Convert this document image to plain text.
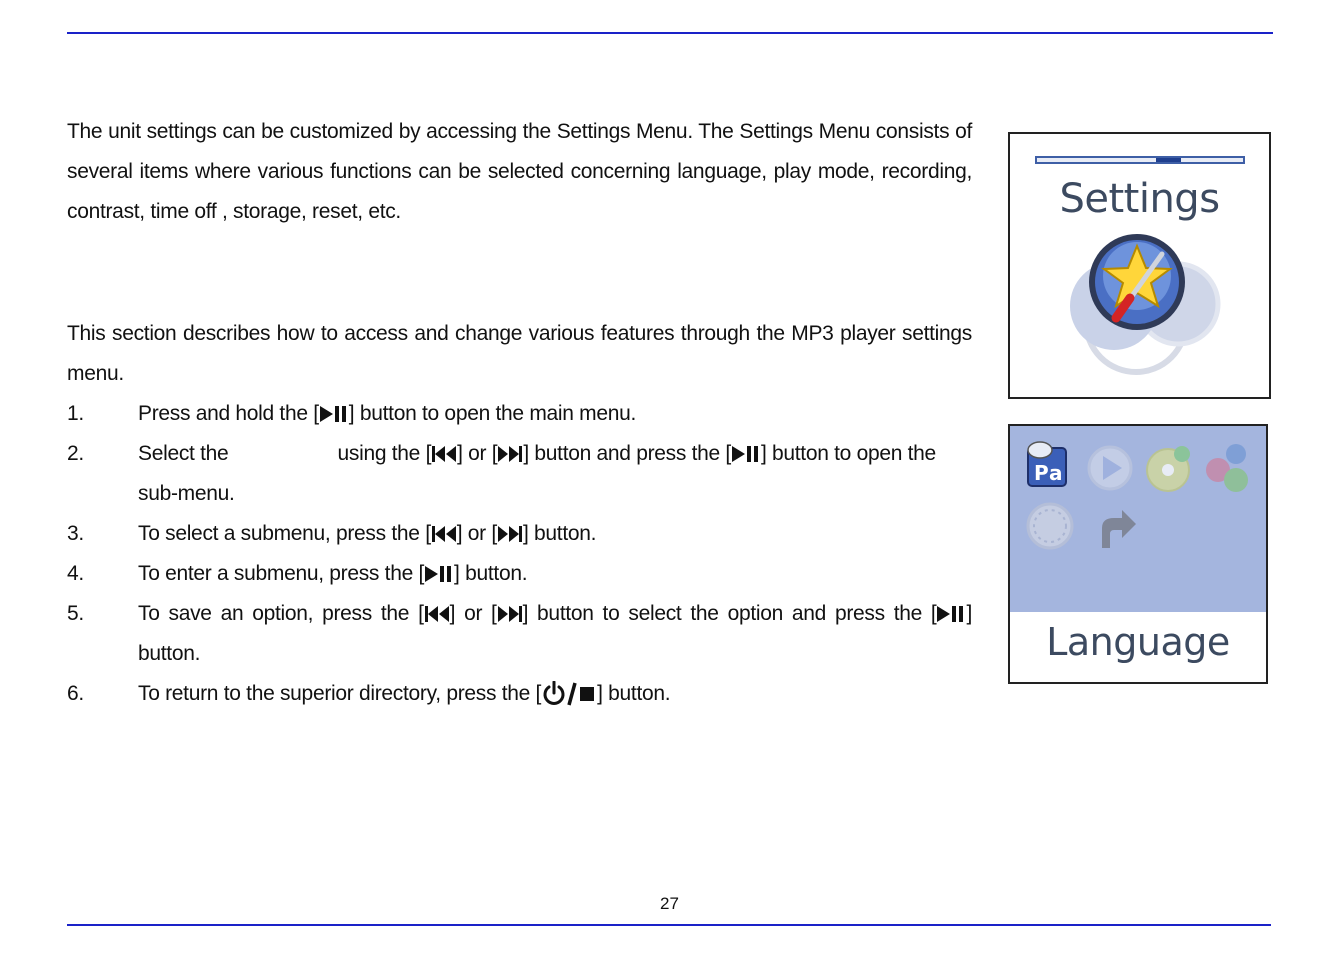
The unit settings can be customized by accessing the Settings Menu. The Settings Menu consists of several items where various functions can be selected concerning language, play mode, recording, contrast, time off , storage, reset, etc.

This section describes how to access and change various features through the MP3 player settings menu.

1.	Press and hold the [ ] button to open the main menu.
2.	Select the	using the [ ] or [ ] button and press the [ ] button to open the
sub-menu.
3.	To select a submenu, press the [ ] or [ ] button.
4.	To enter a submenu, press the [ ] button.
5.	To save an option, press the [ ] or [ ] button to select the option and press the [ ] button.
6.	To return to the superior directory, press the [	] button.
Settings
P a
Language
27
